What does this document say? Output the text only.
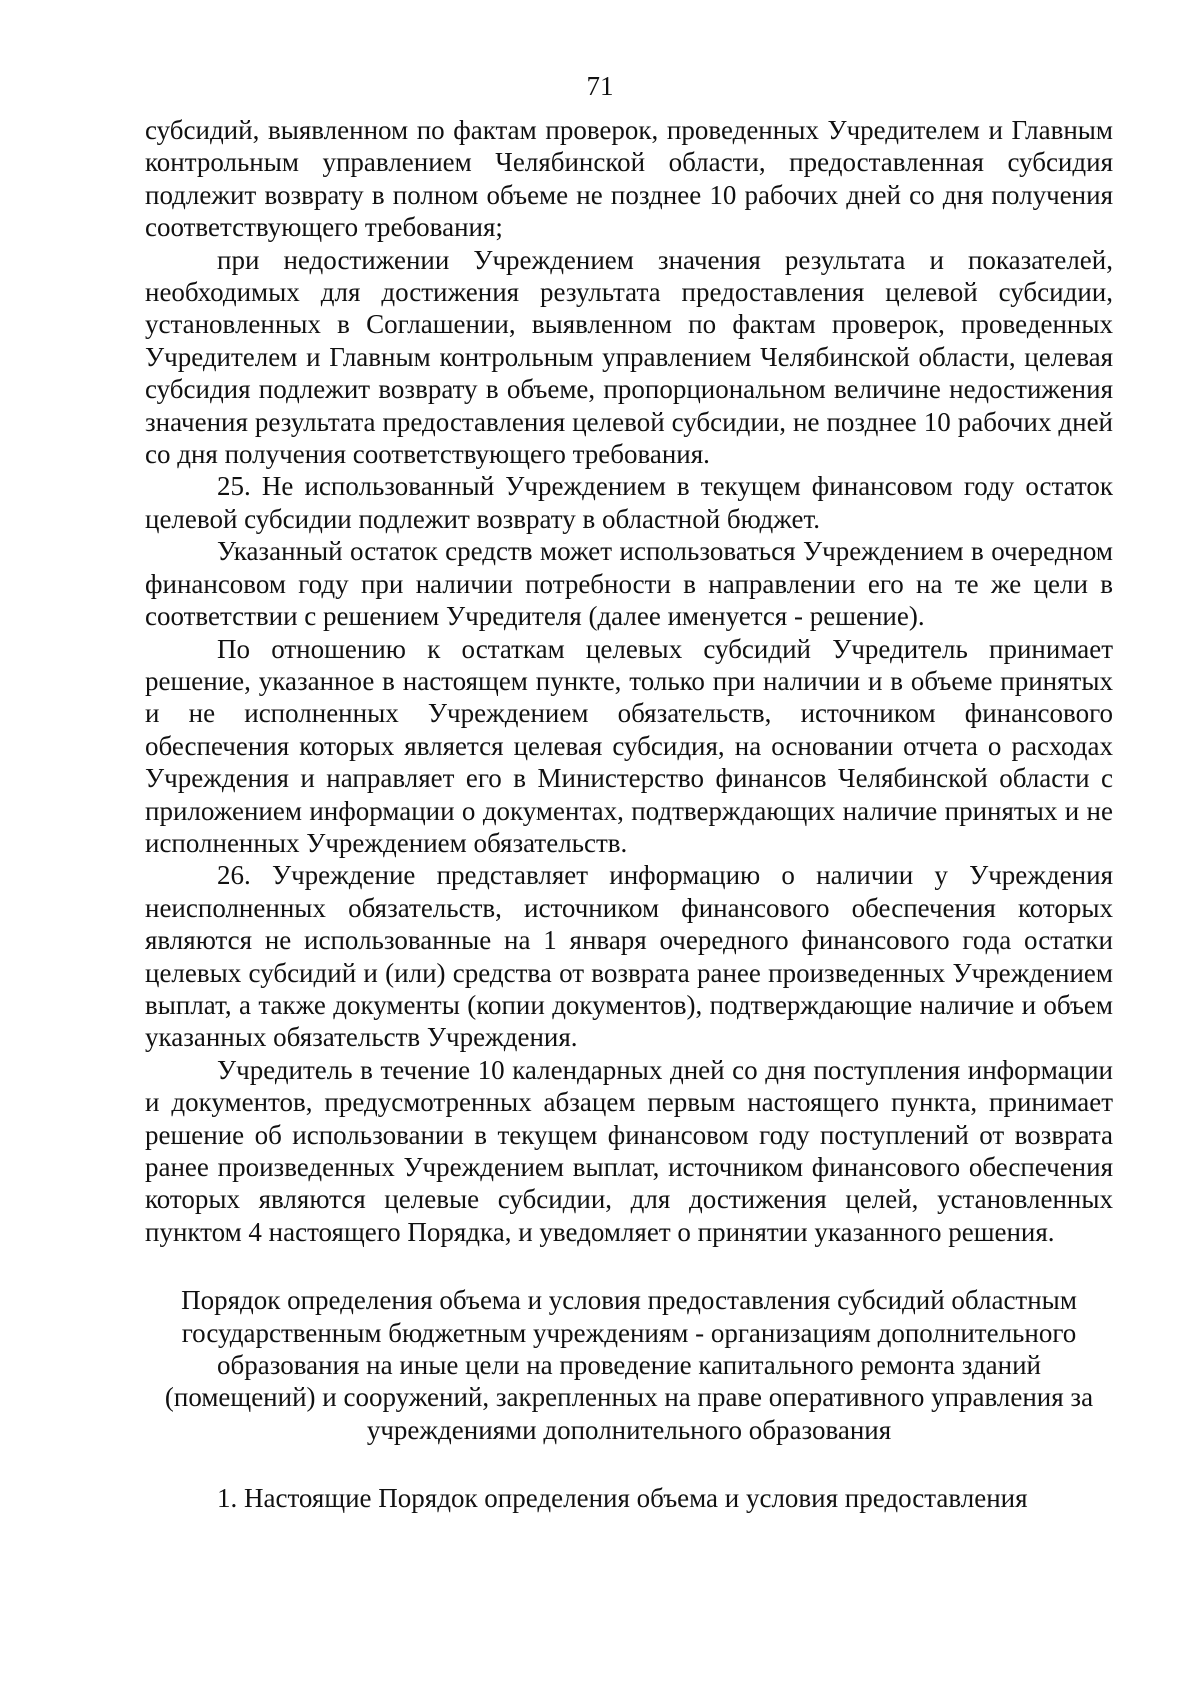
71

субсидий, выявленном по фактам проверок, проведенных Учредителем и Главным контрольным управлением Челябинской области, предоставленная субсидия подлежит возврату в полном объеме не позднее 10 рабочих дней со дня получения соответствующего требования;

при недостижении Учреждением значения результата и показателей, необходимых для достижения результата предоставления целевой субсидии, установленных в Соглашении, выявленном по фактам проверок, проведенных Учредителем и Главным контрольным управлением Челябинской области, целевая субсидия подлежит возврату в объеме, пропорциональном величине недостижения значения результата предоставления целевой субсидии, не позднее 10 рабочих дней со дня получения соответствующего требования.

25. Не использованный Учреждением в текущем финансовом году остаток целевой субсидии подлежит возврату в областной бюджет.

Указанный остаток средств может использоваться Учреждением в очередном финансовом году при наличии потребности в направлении его на те же цели в соответствии с решением Учредителя (далее именуется - решение).

По отношению к остаткам целевых субсидий Учредитель принимает решение, указанное в настоящем пункте, только при наличии и в объеме принятых и не исполненных Учреждением обязательств, источником финансового обеспечения которых является целевая субсидия, на основании отчета о расходах Учреждения и направляет его в Министерство финансов Челябинской области с приложением информации о документах, подтверждающих наличие принятых и не исполненных Учреждением обязательств.

26. Учреждение представляет информацию о наличии у Учреждения неисполненных обязательств, источником финансового обеспечения которых являются не использованные на 1 января очередного финансового года остатки целевых субсидий и (или) средства от возврата ранее произведенных Учреждением выплат, а также документы (копии документов), подтверждающие наличие и объем указанных обязательств Учреждения.

Учредитель в течение 10 календарных дней со дня поступления информации и документов, предусмотренных абзацем первым настоящего пункта, принимает решение об использовании в текущем финансовом году поступлений от возврата ранее произведенных Учреждением выплат, источником финансового обеспечения которых являются целевые субсидии, для достижения целей, установленных пунктом 4 настоящего Порядка, и уведомляет о принятии указанного решения.

Порядок определения объема и условия предоставления субсидий областным государственным бюджетным учреждениям - организациям дополнительного образования на иные цели на проведение капитального ремонта зданий (помещений) и сооружений, закрепленных на праве оперативного управления за учреждениями дополнительного образования

1. Настоящие Порядок определения объема и условия предоставления
